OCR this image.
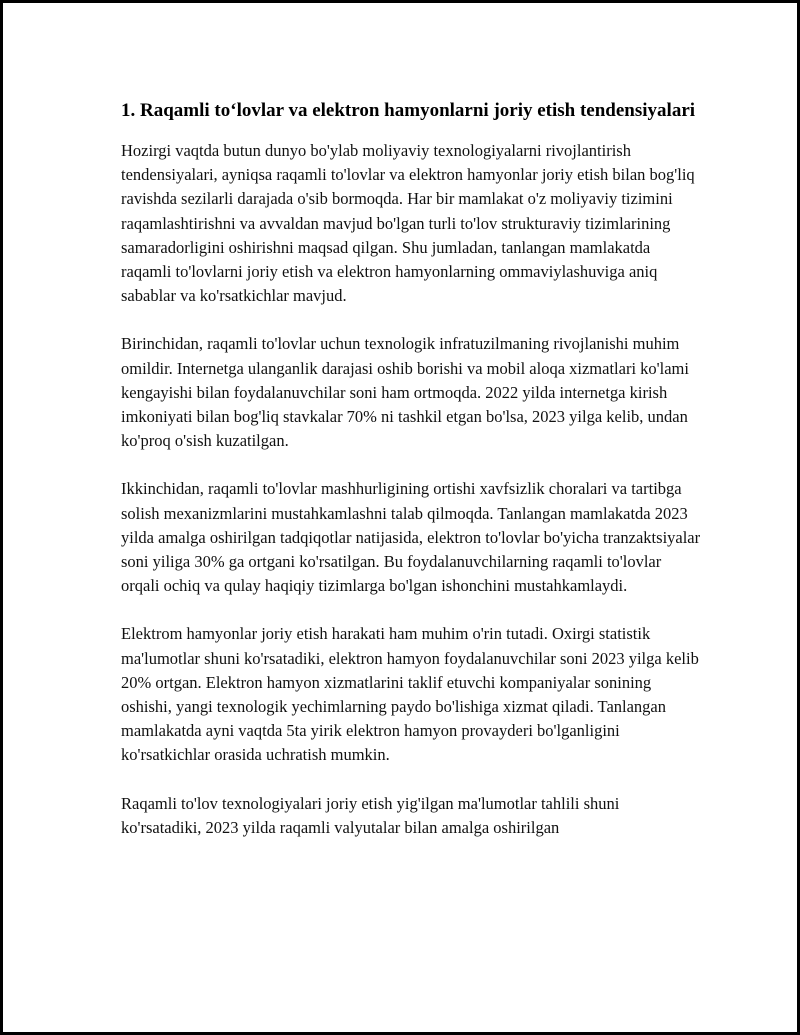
1. Raqamli to‘lovlar va elektron hamyonlarni joriy etish tendensiyalari

Hozirgi vaqtda butun dunyo bo'ylab moliyaviy texnologiyalarni rivojlantirish tendensiyalari, ayniqsa raqamli to'lovlar va elektron hamyonlar joriy etish bilan bog'liq ravishda sezilarli darajada o'sib bormoqda. Har bir mamlakat o'z moliyaviy tizimini raqamlashtirishni va avvaldan mavjud bo'lgan turli to'lov strukturaviy tizimlarining samaradorligini oshirishni maqsad qilgan. Shu jumladan, tanlangan mamlakatda raqamli to'lovlarni joriy etish va elektron hamyonlarning ommaviylashuviga aniq sabablar va ko'rsatkichlar mavjud.

Birinchidan, raqamli to'lovlar uchun texnologik infratuzilmaning rivojlanishi muhim omildir. Internetga ulanganlik darajasi oshib borishi va mobil aloqa xizmatlari ko'lami kengayishi bilan foydalanuvchilar soni ham ortmoqda. 2022 yilda internetga kirish imkoniyati bilan bog'liq stavkalar 70% ni tashkil etgan bo'lsa, 2023 yilga kelib, undan ko'proq o'sish kuzatilgan.

Ikkinchidan, raqamli to'lovlar mashhurligining ortishi xavfsizlik choralari va tartibga solish mexanizmlarini mustahkamlashni talab qilmoqda. Tanlangan mamlakatda 2023 yilda amalga oshirilgan tadqiqotlar natijasida, elektron to'lovlar bo'yicha tranzaktsiyalar soni yiliga 30% ga ortgani ko'rsatilgan. Bu foydalanuvchilarning raqamli to'lovlar orqali ochiq va qulay haqiqiy tizimlarga bo'lgan ishonchini mustahkamlaydi.

Elektrom hamyonlar joriy etish harakati ham muhim o'rin tutadi. Oxirgi statistik ma'lumotlar shuni ko'rsatadiki, elektron hamyon foydalanuvchilar soni 2023 yilga kelib 20% ortgan. Elektron hamyon xizmatlarini taklif etuvchi kompaniyalar sonining oshishi, yangi texnologik yechimlarning paydo bo'lishiga xizmat qiladi. Tanlangan mamlakatda ayni vaqtda 5ta yirik elektron hamyon provayderi bo'lganligini ko'rsatkichlar orasida uchratish mumkin.

Raqamli to'lov texnologiyalari joriy etish yig'ilgan ma'lumotlar tahlili shuni ko'rsatadiki, 2023 yilda raqamli valyutalar bilan amalga oshirilgan
